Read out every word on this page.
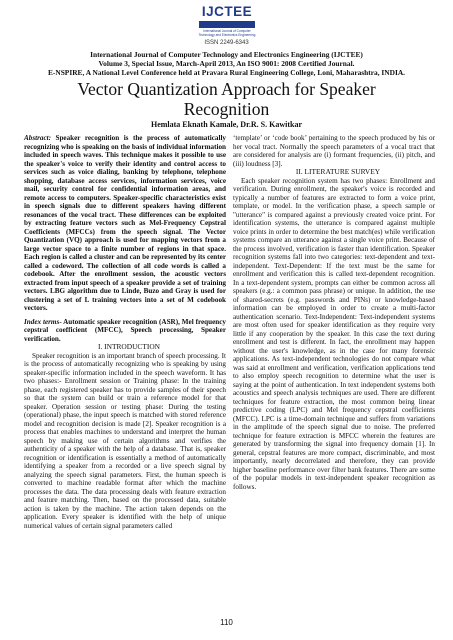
IJCTEE
International Journal of Computer Technology and Electronics Engineering
ISSN 2249-6343
International Journal of Computer Technology and Electronics Engineering (IJCTEE)
Volume 3, Special Issue, March-April 2013, An ISO 9001: 2008 Certified Journal.
E-NSPIRE, A National Level Conference held at Pravara Rural Engineering College, Loni, Maharashtra, INDIA.
Vector Quantization Approach for Speaker
Recognition
Hemlata Eknath Kamale, Dr.R. S. Kawitkar

Abstract: Speaker recognition is the process of automatically recognizing who is speaking on the basis of individual information included in speech waves. This technique makes it possible to use the speaker's voice to verify their identity and control access to services such as voice dialing, banking by telephone, telephone shopping, database access services, information services, voice mail, security control for confidential information areas, and remote access to computers. Speaker-specific characteristics exist in speech signals due to different speakers having different resonances of the vocal tract. These differences can be exploited by extracting feature vectors such as Mel-Frequency Cepstral Coefficients (MFCCs) from the speech signal. The Vector Quantization (VQ) approach is used for mapping vectors from a large vector space to a finite number of regions in that space. Each region is called a cluster and can be represented by its center called a codeword. The collection of all code words is called a codebook. After the enrollment session, the acoustic vectors extracted from input speech of a speaker provide a set of training vectors. LBG algorithm due to Linde, Buzo and Gray is used for clustering a set of L training vectors into a set of M codebook vectors.

Index terms- Automatic speaker recognition (ASR), Mel frequency cepstral coefficient (MFCC), Speech processing, Speaker verification.

I. INTRODUCTION

Speaker recognition is an important branch of speech processing. It is the process of automatically recognizing who is speaking by using speaker-specific information included in the speech waveform. It has two phases:- Enrollment session or Training phase: In the training phase, each registered speaker has to provide samples of their speech so that the system can build or train a reference model for that speaker. Operation session or testing phase: During the testing (operational) phase, the input speech is matched with stored reference model and recognition decision is made [2]. Speaker recognition is a process that enables machines to understand and interpret the human speech by making use of certain algorithms and verifies the authenticity of a speaker with the help of a database. That is, speaker recognition or identification is essentially a method of automatically identifying a speaker from a recorded or a live speech signal by analyzing the speech signal parameters. First, the human speech is converted to machine readable format after which the machine processes the data. The data processing deals with feature extraction and feature matching. Then, based on the processed data, suitable action is taken by the machine. The action taken depends on the application. Every speaker is identified with the help of unique numerical values of certain signal parameters called

‘template’ or ‘code book’ pertaining to the speech produced by his or her vocal tract. Normally the speech parameters of a vocal tract that are considered for analysis are (i) formant frequencies, (ii) pitch, and (iii) loudness [3].

II. LITERATURE SURVEY

Each speaker recognition system has two phases: Enrollment and verification. During enrollment, the speaker's voice is recorded and typically a number of features are extracted to form a voice print, template, or model. In the verification phase, a speech sample or "utterance" is compared against a previously created voice print. For identification systems, the utterance is compared against multiple voice prints in order to determine the best match(es) while verification systems compare an utterance against a single voice print. Because of the process involved, verification is faster than identification. Speaker recognition systems fall into two categories: text-dependent and text-independent. Text-Dependent: If the text must be the same for enrollment and verification this is called text-dependent recognition. In a text-dependent system, prompts can either be common across all speakers (e.g.: a common pass phrase) or unique. In addition, the use of shared-secrets (e.g. passwords and PINs) or knowledge-based information can be employed in order to create a multi-factor authentication scenario. Text-Independent: Text-independent systems are most often used for speaker identification as they require very little if any cooperation by the speaker. In this case the text during enrollment and test is different. In fact, the enrollment may happen without the user's knowledge, as in the case for many forensic applications. As text-independent technologies do not compare what was said at enrollment and verification, verification applications tend to also employ speech recognition to determine what the user is saying at the point of authentication. In text independent systems both acoustics and speech analysis techniques are used. There are different techniques for feature extraction, the most common being linear predictive coding (LPC) and Mel frequency cepstral coefficients (MFCC). LPC is a time-domain technique and suffers from variations in the amplitude of the speech signal due to noise. The preferred technique for feature extraction is MFCC wherein the features are generated by transforming the signal into frequency domain [1]. In general, cepstral features are more compact, discriminable, and most importantly, nearly decorrelated and therefore, they can provide higher baseline performance over filter bank features. There are some of the popular models in text-independent speaker recognition as follows.

110
